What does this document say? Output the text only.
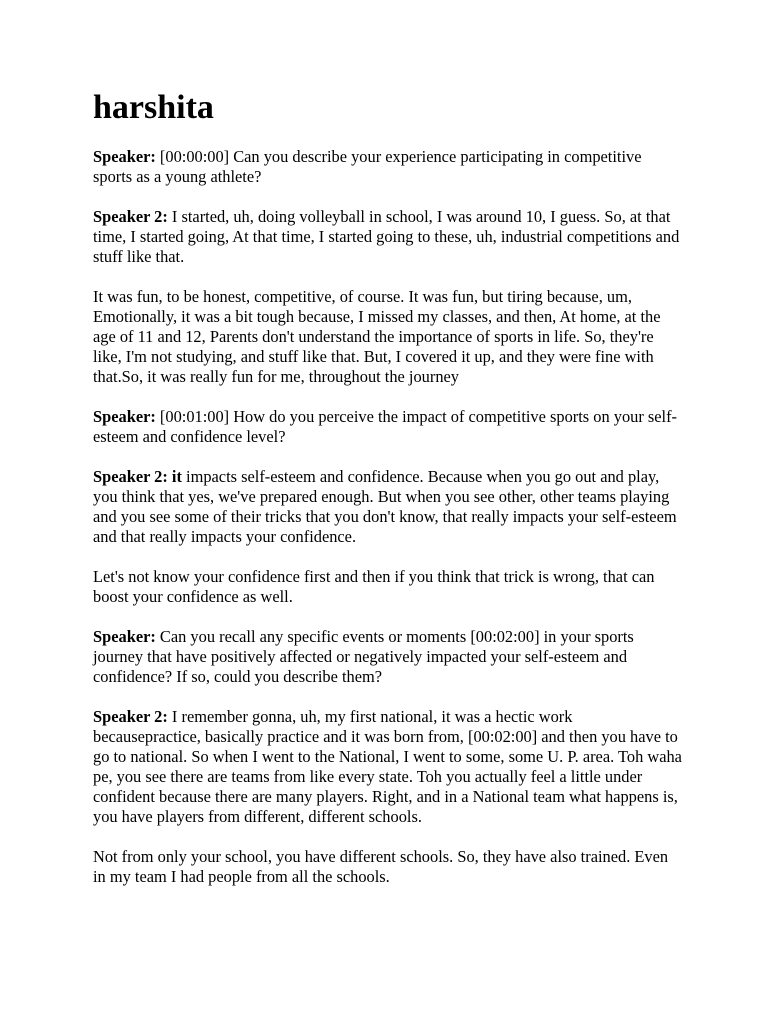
harshita

Speaker: [00:00:00] Can you describe your experience participating in competitive sports as a young athlete?

Speaker 2: I started, uh, doing volleyball in school, I was around 10, I guess. So, at that time, I started going, At that time, I started going to these, uh, industrial competitions and stuff like that.

It was fun, to be honest, competitive, of course. It was fun, but tiring because, um, Emotionally, it was a bit tough because, I missed my classes, and then, At home, at the age of 11 and 12, Parents don't understand the importance of sports in life. So, they're like, I'm not studying, and stuff like that. But, I covered it up, and they were fine with that.So, it was really fun for me, throughout the journey

Speaker: [00:01:00] How do you perceive the impact of competitive sports on your self-esteem and confidence level?

Speaker 2: it impacts self-esteem and confidence. Because when you go out and play, you think that yes, we've prepared enough. But when you see other, other teams playing and you see some of their tricks that you don't know, that really impacts your self-esteem and that really impacts your confidence.

Let's not know your confidence first and then if you think that trick is wrong, that can boost your confidence as well.

Speaker: Can you recall any specific events or moments [00:02:00] in your sports journey that have positively affected or negatively impacted your self-esteem and confidence? If so, could you describe them?

Speaker 2: I remember gonna, uh, my first national, it was a hectic work becausepractice, basically practice and it was born from, [00:02:00] and then you have to go to national. So when I went to the National, I went to some, some U. P. area. Toh waha pe, you see there are teams from like every state. Toh you actually feel a little under confident because there are many players. Right, and in a National team what happens is, you have players from different, different schools.

Not from only your school, you have different schools. So, they have also trained. Even in my team I had people from all the schools.
